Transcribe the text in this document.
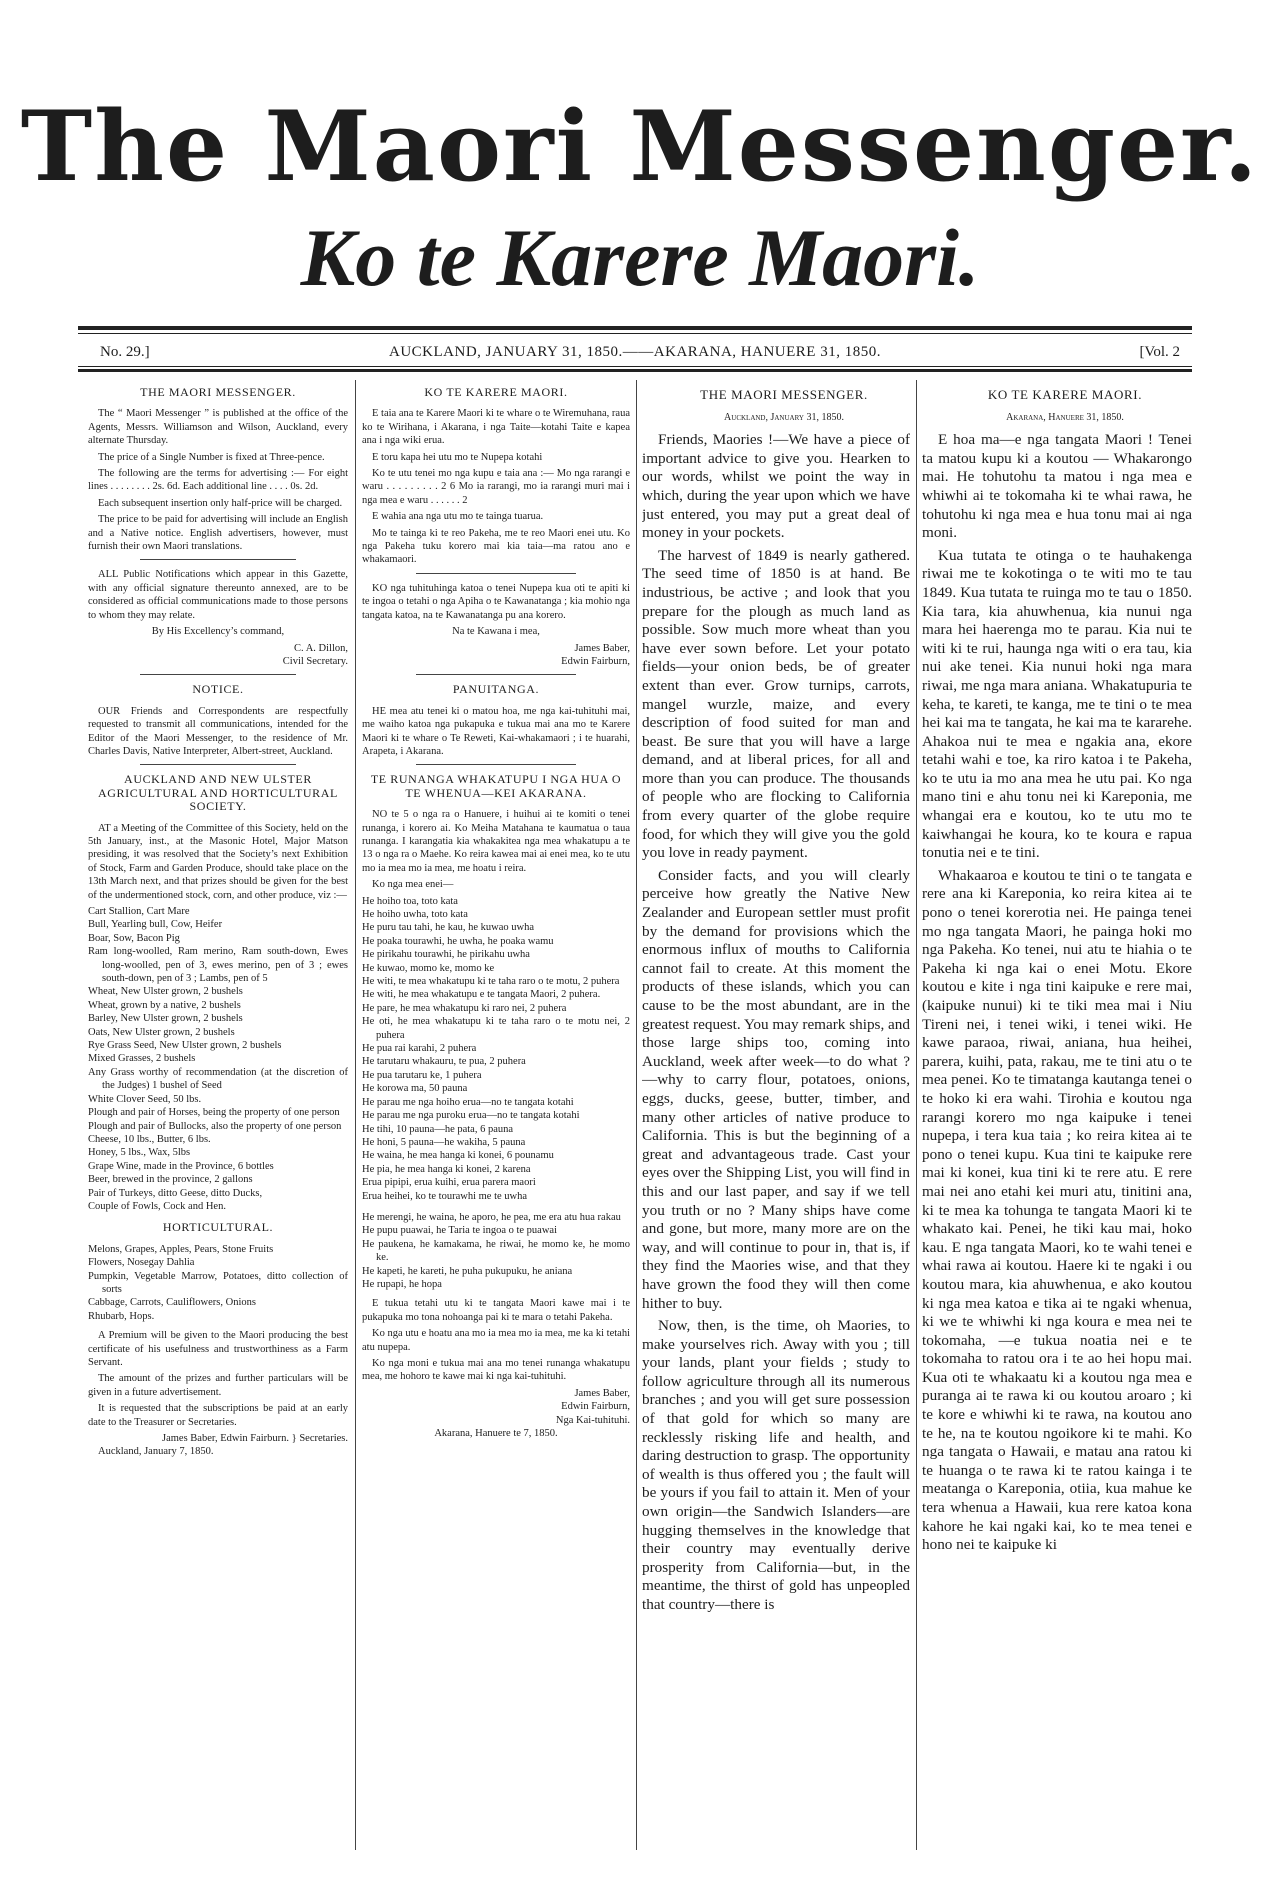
The Maori Messenger.
Ko te Karere Maori.
No. 29.]	AUCKLAND, JANUARY 31, 1850.——AKARANA, HANUERE 31, 1850.	[Vol. 2

THE MAORI MESSENGER.

The “ Maori Messenger ” is published at the office of the Agents, Messrs. Williamson and Wilson, Auckland, every alternate Thursday.

The price of a Single Number is fixed at Three-pence.

The following are the terms for advertising :— For eight lines . . . . . . . . 2s. 6d. Each additional line . . . . 0s. 2d.

Each subsequent insertion only half-price will be charged.

The price to be paid for advertising will include an English and a Native notice. English advertisers, however, must furnish their own Maori translations.

ALL Public Notifications which appear in this Gazette, with any official signature thereunto annexed, are to be considered as official communications made to those persons to whom they may relate.

By His Excellency’s command,

C. A. Dillon,

Civil Secretary.

NOTICE.

OUR Friends and Correspondents are respectfully requested to transmit all communications, intended for the Editor of the Maori Messenger, to the residence of Mr. Charles Davis, Native Interpreter, Albert-street, Auckland.

AUCKLAND AND NEW ULSTER AGRICULTURAL AND HORTICULTURAL SOCIETY.

AT a Meeting of the Committee of this Society, held on the 5th January, inst., at the Masonic Hotel, Major Matson presiding, it was resolved that the Society’s next Exhibition of Stock, Farm and Garden Produce, should take place on the 13th March next, and that prizes should be given for the best of the undermentioned stock, corn, and other produce, viz :—

Cart Stallion, Cart Mare
Bull, Yearling bull, Cow, Heifer
Boar, Sow, Bacon Pig
Ram long-woolled, Ram merino, Ram south-down, Ewes long-woolled, pen of 3, ewes merino, pen of 3 ; ewes south-down, pen of 3 ; Lambs, pen of 5
Wheat, New Ulster grown, 2 bushels
Wheat, grown by a native, 2 bushels
Barley, New Ulster grown, 2 bushels
Oats, New Ulster grown, 2 bushels
Rye Grass Seed, New Ulster grown, 2 bushels
Mixed Grasses, 2 bushels
Any Grass worthy of recommendation (at the discretion of the Judges) 1 bushel of Seed
White Clover Seed, 50 lbs.
Plough and pair of Horses, being the property of one person
Plough and pair of Bullocks, also the property of one person
Cheese, 10 lbs., Butter, 6 lbs.
Honey, 5 lbs., Wax, 5lbs
Grape Wine, made in the Province, 6 bottles
Beer, brewed in the province, 2 gallons
Pair of Turkeys, ditto Geese, ditto Ducks,
Couple of Fowls, Cock and Hen.

HORTICULTURAL.

Melons, Grapes, Apples, Pears, Stone Fruits
Flowers, Nosegay Dahlia
Pumpkin, Vegetable Marrow, Potatoes, ditto collection of sorts
Cabbage, Carrots, Cauliflowers, Onions
Rhubarb, Hops.

A Premium will be given to the Maori producing the best certificate of his usefulness and trustworthiness as a Farm Servant.

The amount of the prizes and further particulars will be given in a future advertisement.

It is requested that the subscriptions be paid at an early date to the Treasurer or Secretaries.

James Baber, Edwin Fairburn. } Secretaries.

Auckland, January 7, 1850.

KO TE KARERE MAORI.

E taia ana te Karere Maori ki te whare o te Wiremuhana, raua ko te Wirihana, i Akarana, i nga Taite—kotahi Taite e kapea ana i nga wiki erua.

E toru kapa hei utu mo te Nupepa kotahi

Ko te utu tenei mo nga kupu e taia ana :— Mo nga rarangi e waru . . . . . . . . . 2 6 Mo ia rarangi, mo ia rarangi muri mai i nga mea e waru . . . . . . 2

E wahia ana nga utu mo te tainga tuarua.

Mo te tainga ki te reo Pakeha, me te reo Maori enei utu. Ko nga Pakeha tuku korero mai kia taia—ma ratou ano e whakamaori.

KO nga tuhituhinga katoa o tenei Nupepa kua oti te apiti ki te ingoa o tetahi o nga Apiha o te Kawanatanga ; kia mohio nga tangata katoa, na te Kawanatanga pu ana korero.

Na te Kawana i mea,

James Baber,

Edwin Fairburn,

PANUITANGA.

HE mea atu tenei ki o matou hoa, me nga kai-tuhituhi mai, me waiho katoa nga pukapuka e tukua mai ana mo te Karere Maori ki te whare o Te Reweti, Kai-whakamaori ; i te huarahi, Arapeta, i Akarana.

TE RUNANGA WHAKATUPU I NGA HUA O TE WHENUA—KEI AKARANA.

NO te 5 o nga ra o Hanuere, i huihui ai te komiti o tenei runanga, i korero ai. Ko Meiha Matahana te kaumatua o taua runanga. I karangatia kia whakakitea nga mea whakatupu a te 13 o nga ra o Maehe. Ko reira kawea mai ai enei mea, ko te utu mo ia mea mo ia mea, me hoatu i reira.

Ko nga mea enei—

He hoiho toa, toto kata
He hoiho uwha, toto kata
He puru tau tahi, he kau, he kuwao uwha
He poaka tourawhi, he uwha, he poaka wamu
He pirikahu tourawhi, he pirikahu uwha
He kuwao, momo ke, momo ke
He witi, te mea whakatupu ki te taha raro o te motu, 2 puhera
He witi, he mea whakatupu e te tangata Maori, 2 puhera.
He pare, he mea whakatupu ki raro nei, 2 puhera
He oti, he mea whakatupu ki te taha raro o te motu nei, 2 puhera
He pua rai karahi, 2 puhera
He tarutaru whakauru, te pua, 2 puhera
He pua tarutaru ke, 1 puhera
He korowa ma, 50 pauna
He parau me nga hoiho erua—no te tangata kotahi
He parau me nga puroku erua—no te tangata kotahi
He tihi, 10 pauna—he pata, 6 pauna
He honi, 5 pauna—he wakiha, 5 pauna
He waina, he mea hanga ki konei, 6 pounamu
He pia, he mea hanga ki konei, 2 karena
Erua pipipi, erua kuihi, erua parera maori
Erua heihei, ko te tourawhi me te uwha
He merengi, he waina, he aporo, he pea, me era atu hua rakau
He pupu puawai, he Taria te ingoa o te puawai
He paukena, he kamakama, he riwai, he momo ke, he momo ke.
He kapeti, he kareti, he puha pukupuku, he aniana
He rupapi, he hopa

E tukua tetahi utu ki te tangata Maori kawe mai i te pukapuka mo tona nohoanga pai ki te mara o tetahi Pakeha.

Ko nga utu e hoatu ana mo ia mea mo ia mea, me ka ki tetahi atu nupepa.

Ko nga moni e tukua mai ana mo tenei runanga whakatupu mea, me hohoro te kawe mai ki nga kai-tuhituhi.

James Baber,

Edwin Fairburn,

Nga Kai-tuhituhi.

Akarana, Hanuere te 7, 1850.

THE MAORI MESSENGER.

Auckland, January 31, 1850.

Friends, Maories !—We have a piece of important advice to give you. Hearken to our words, whilst we point the way in which, during the year upon which we have just entered, you may put a great deal of money in your pockets.

The harvest of 1849 is nearly gathered. The seed time of 1850 is at hand. Be industrious, be active ; and look that you prepare for the plough as much land as possible. Sow much more wheat than you have ever sown before. Let your potato fields—your onion beds, be of greater extent than ever. Grow turnips, carrots, mangel wurzle, maize, and every description of food suited for man and beast. Be sure that you will have a large demand, and at liberal prices, for all and more than you can produce. The thousands of people who are flocking to California from every quarter of the globe require food, for which they will give you the gold you love in ready payment.

Consider facts, and you will clearly perceive how greatly the Native New Zealander and European settler must profit by the demand for provisions which the enormous influx of mouths to California cannot fail to create. At this moment the products of these islands, which you can cause to be the most abundant, are in the greatest request. You may remark ships, and those large ships too, coming into Auckland, week after week—to do what ?—why to carry flour, potatoes, onions, eggs, ducks, geese, butter, timber, and many other articles of native produce to California. This is but the beginning of a great and advantageous trade. Cast your eyes over the Shipping List, you will find in this and our last paper, and say if we tell you truth or no ? Many ships have come and gone, but more, many more are on the way, and will continue to pour in, that is, if they find the Maories wise, and that they have grown the food they will then come hither to buy.

Now, then, is the time, oh Maories, to make yourselves rich. Away with you ; till your lands, plant your fields ; study to follow agriculture through all its numerous branches ; and you will get sure possession of that gold for which so many are recklessly risking life and health, and daring destruction to grasp. The opportunity of wealth is thus offered you ; the fault will be yours if you fail to attain it. Men of your own origin—the Sandwich Islanders—are hugging themselves in the knowledge that their country may eventually derive prosperity from California—but, in the meantime, the thirst of gold has unpeopled that country—there is

KO TE KARERE MAORI.

Akarana, Hanuere 31, 1850.

E hoa ma—e nga tangata Maori ! Tenei ta matou kupu ki a koutou — Whakarongo mai. He tohutohu ta matou i nga mea e whiwhi ai te tokomaha ki te whai rawa, he tohutohu ki nga mea e hua tonu mai ai nga moni.

Kua tutata te otinga o te hauhakenga riwai me te kokotinga o te witi mo te tau 1849. Kua tutata te ruinga mo te tau o 1850. Kia tara, kia ahuwhenua, kia nunui nga mara hei haerenga mo te parau. Kia nui te witi ki te rui, haunga nga witi o era tau, kia nui ake tenei. Kia nunui hoki nga mara riwai, me nga mara aniana. Whakatupuria te keha, te kareti, te kanga, me te tini o te mea hei kai ma te tangata, he kai ma te kararehe. Ahakoa nui te mea e ngakia ana, ekore tetahi wahi e toe, ka riro katoa i te Pakeha, ko te utu ia mo ana mea he utu pai. Ko nga mano tini e ahu tonu nei ki Kareponia, me whangai era e koutou, ko te utu mo te kaiwhangai he koura, ko te koura e rapua tonutia nei e te tini.

Whakaaroa e koutou te tini o te tangata e rere ana ki Kareponia, ko reira kitea ai te pono o tenei korerotia nei. He painga tenei mo nga tangata Maori, he painga hoki mo nga Pakeha. Ko tenei, nui atu te hiahia o te Pakeha ki nga kai o enei Motu. Ekore koutou e kite i nga tini kaipuke e rere mai, (kaipuke nunui) ki te tiki mea mai i Niu Tireni nei, i tenei wiki, i tenei wiki. He kawe paraoa, riwai, aniana, hua heihei, parera, kuihi, pata, rakau, me te tini atu o te mea penei. Ko te timatanga kautanga tenei o te hoko ki era wahi. Tirohia e koutou nga rarangi korero mo nga kaipuke i tenei nupepa, i tera kua taia ; ko reira kitea ai te pono o tenei kupu. Kua tini te kaipuke rere mai ki konei, kua tini ki te rere atu. E rere mai nei ano etahi kei muri atu, tinitini ana, ki te mea ka tohunga te tangata Maori ki te whakato kai. Penei, he tiki kau mai, hoko kau. E nga tangata Maori, ko te wahi tenei e whai rawa ai koutou. Haere ki te ngaki i ou koutou mara, kia ahuwhenua, e ako koutou ki nga mea katoa e tika ai te ngaki whenua, ki we te whiwhi ki nga koura e mea nei te tokomaha, —e tukua noatia nei e te tokomaha to ratou ora i te ao hei hopu mai. Kua oti te whakaatu ki a koutou nga mea e puranga ai te rawa ki ou koutou aroaro ; ki te kore e whiwhi ki te rawa, na koutou ano te he, na te koutou ngoikore ki te mahi. Ko nga tangata o Hawaii, e matau ana ratou ki te huanga o te rawa ki te ratou kainga i te meatanga o Kareponia, otiia, kua mahue ke tera whenua a Hawaii, kua rere katoa kona kahore he kai ngaki kai, ko te mea tenei e hono nei te kaipuke ki
